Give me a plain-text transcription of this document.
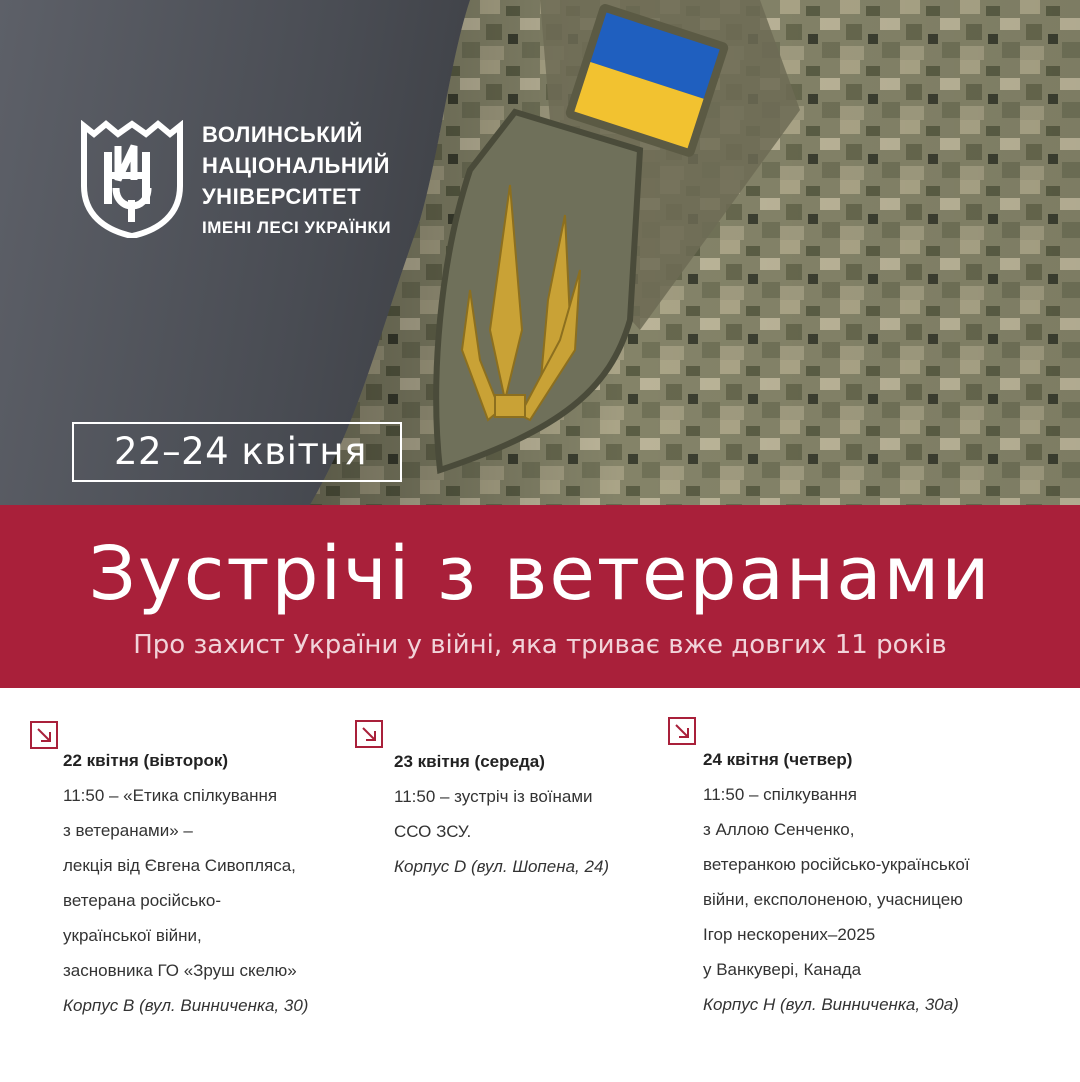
ВОЛИНСЬКИЙ
НАЦІОНАЛЬНИЙ
УНІВЕРСИТЕТ
ІМЕНІ ЛЕСІ УКРАЇНКИ
22–24 квітня
Зустрічі з ветеранами
Про захист України у війні, яка триває вже довгих 11 років
22 квітня (вівторок)
11:50 – «Етика спілкування
з ветеранами» –
лекція від Євгена Сивопляса,
ветерана російсько-
української війни,
засновника ГО «Зруш скелю»
Корпус В (вул. Винниченка, 30)
23 квітня (середа)
11:50 – зустріч із воїнами
ССО ЗСУ.
Корпус D (вул. Шопена, 24)
24 квітня (четвер)
11:50 – спілкування
з Аллою Сенченко,
ветеранкою російсько-української
війни, експолоненою, учасницею
Ігор нескорених–2025
у Ванкувері, Канада
Корпус Н (вул. Винниченка, 30а)
